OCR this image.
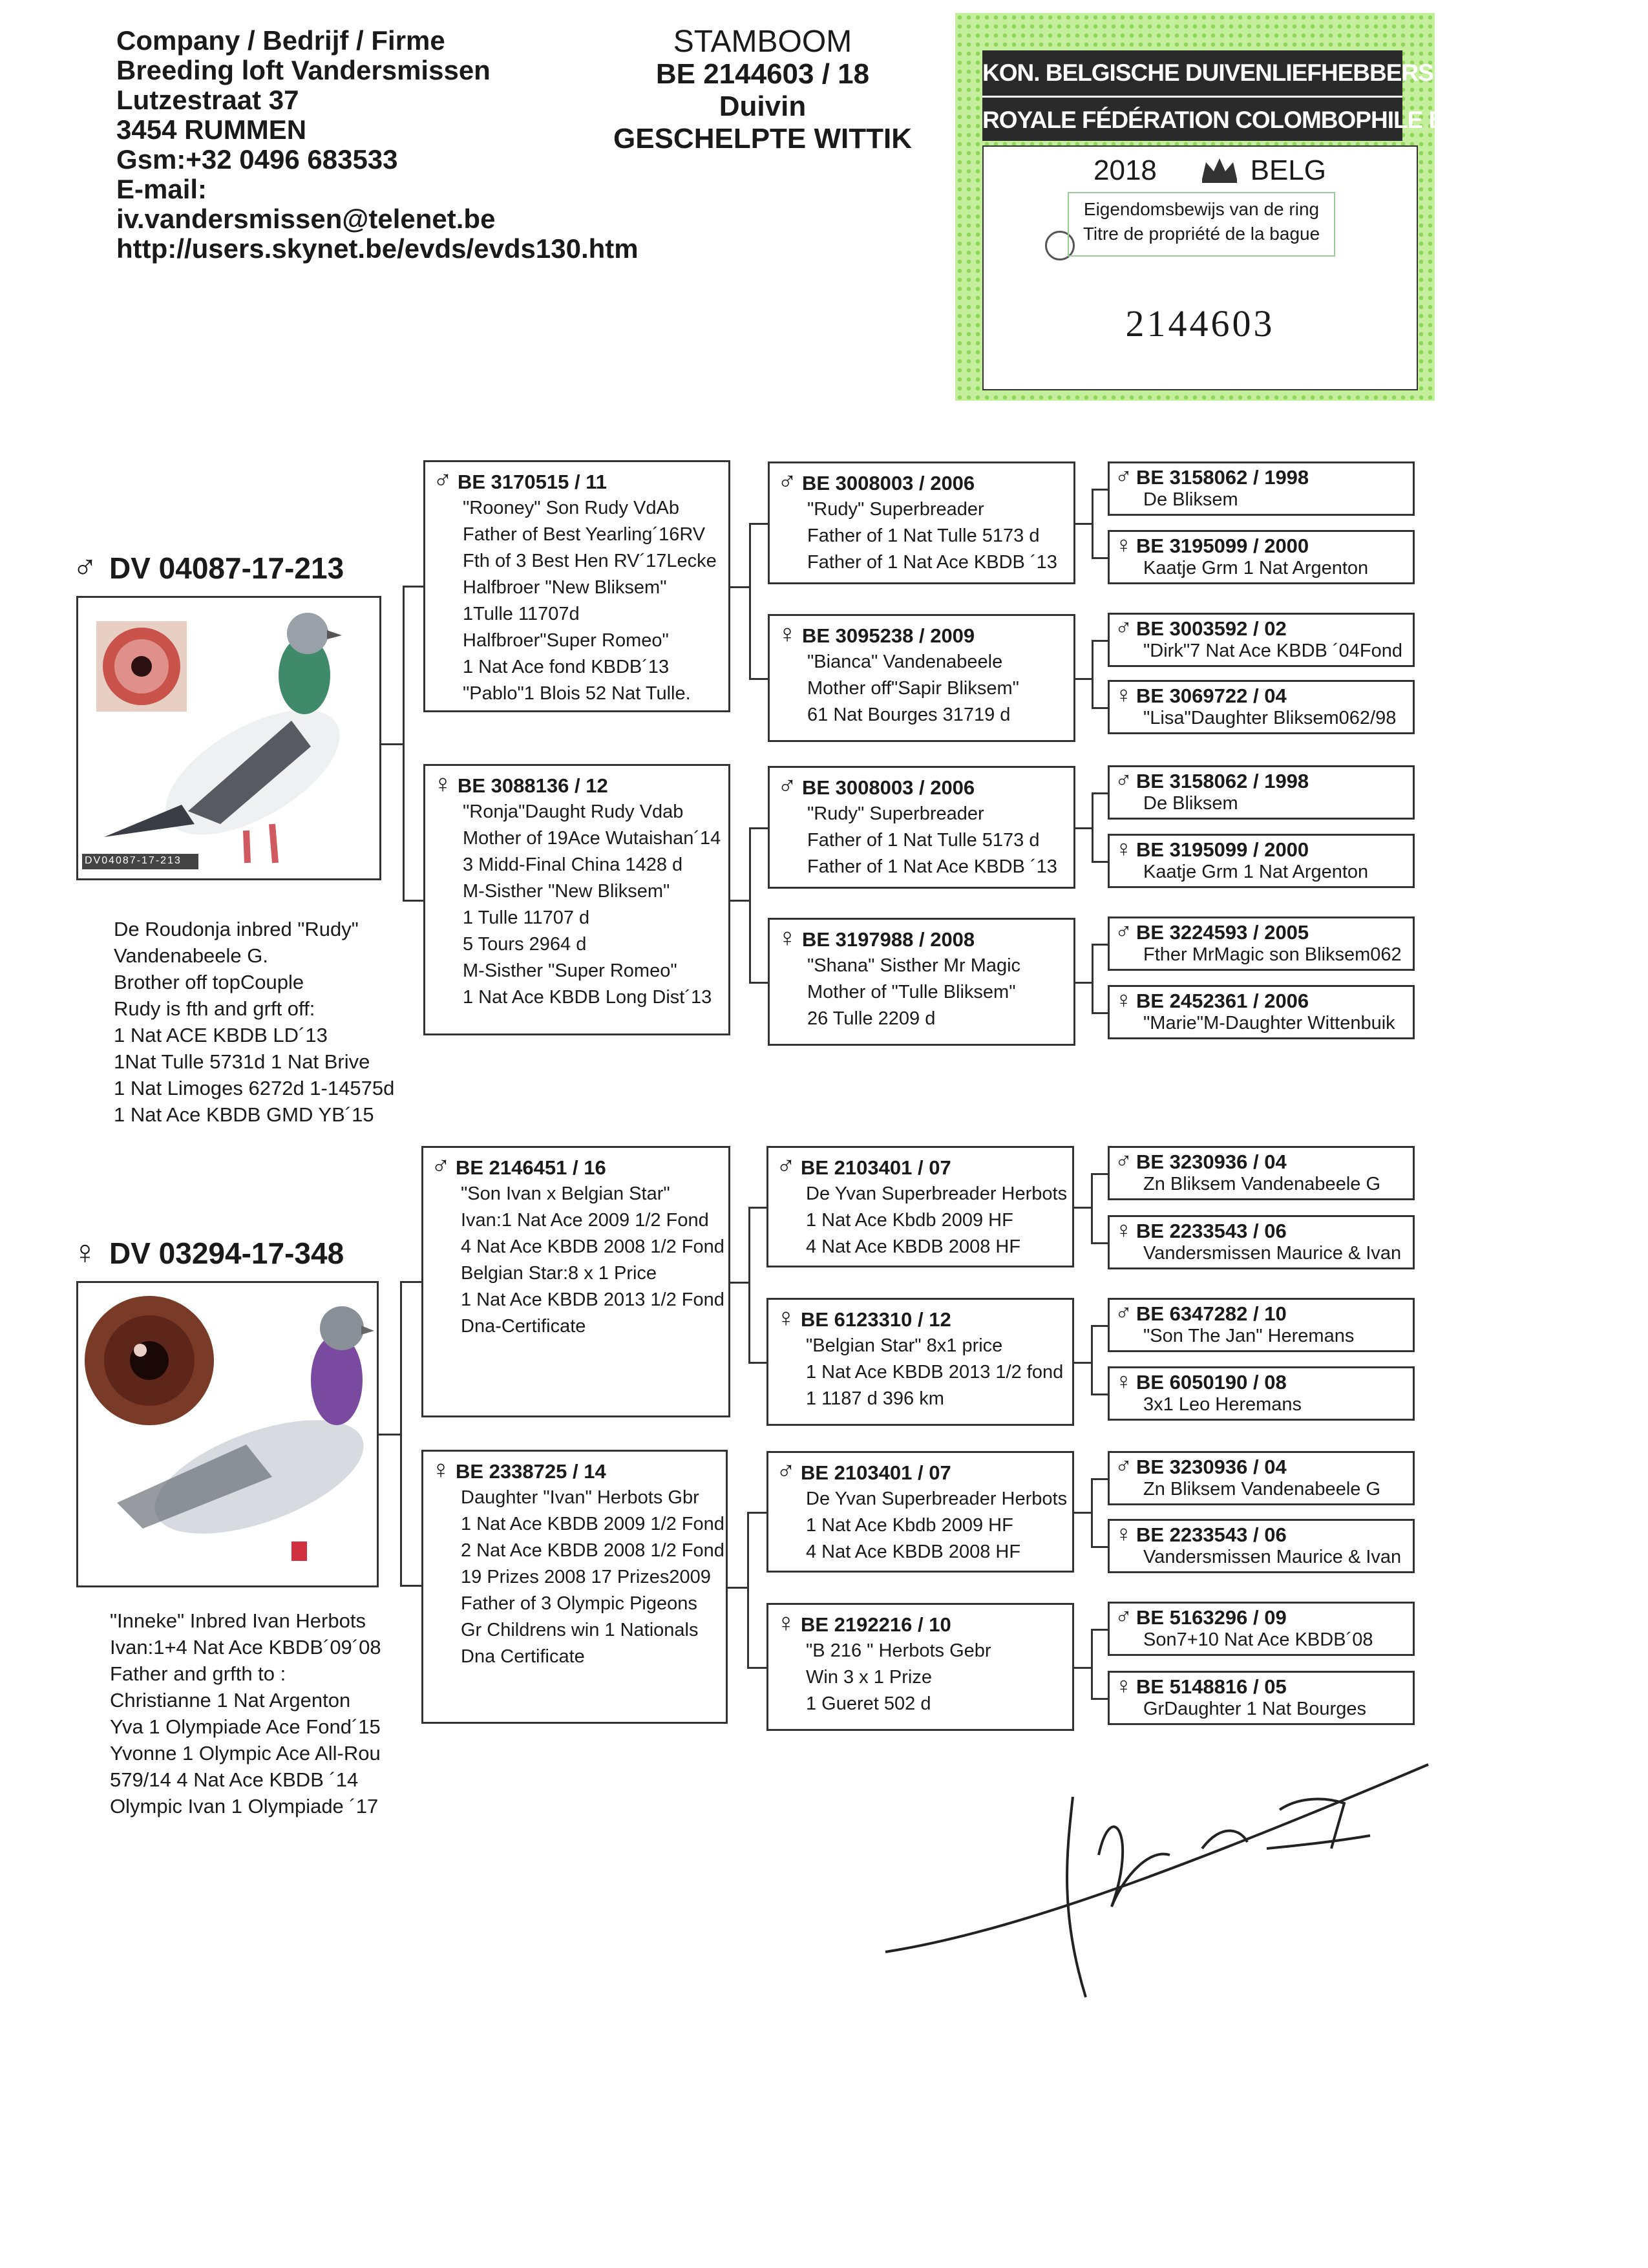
Company / Bedrijf / Firme
Breeding loft Vandersmissen
Lutzestraat 37
3454 RUMMEN
Gsm:+32 0496 683533
E-mail:
iv.vandersmissen@telenet.be
http://users.skynet.be/evds/evds130.htm
STAMBOOM
BE 2144603 / 18
Duivin
GESCHELPTE WITTIK
KON. BELGISCHE DUIVENLIEFHEBBERSBOND
ROYALE FÉDÉRATION COLOMBOPHILE BELGE
2018	BELG
Eigendomsbewijs van de ring
Titre de propriété de la bague
2144603
♂ DV 04087-17-213
DV04087-17-213
De Roudonja inbred "Rudy"
Vandenabeele G.
Brother off topCouple
Rudy is fth and grft off:
1 Nat ACE KBDB LD´13
1Nat Tulle 5731d 1 Nat Brive
1 Nat Limoges 6272d 1-14575d
1 Nat Ace KBDB GMD YB´15
♀ DV 03294-17-348
"Inneke" Inbred Ivan Herbots
Ivan:1+4 Nat Ace KBDB´09´08
Father and grfth to :
Christianne 1 Nat Argenton
Yva 1 Olympiade Ace Fond´15
Yvonne 1 Olympic Ace All-Rou
579/14 4 Nat Ace KBDB ´14
Olympic Ivan 1 Olympiade ´17
♂ BE 3170515 / 11
"Rooney" Son Rudy VdAb
Father of Best Yearling´16RV
Fth of 3 Best Hen RV´17Lecke
Halfbroer "New Bliksem"
1Tulle 11707d
Halfbroer"Super Romeo"
1 Nat Ace fond KBDB´13
"Pablo"1 Blois 52 Nat Tulle.
♀ BE 3088136 / 12
"Ronja"Daught Rudy Vdab
Mother of 19Ace Wutaishan´14
3 Midd-Final China 1428 d
M-Sisther "New Bliksem"
1 Tulle 11707 d
5 Tours 2964 d
M-Sisther "Super Romeo"
1 Nat Ace KBDB Long Dist´13
♂ BE 2146451 / 16
"Son Ivan x Belgian Star"
Ivan:1 Nat Ace 2009 1/2 Fond
4 Nat Ace KBDB 2008 1/2 Fond
Belgian Star:8 x 1 Price
1 Nat Ace KBDB 2013 1/2 Fond
Dna-Certificate
♀ BE 2338725 / 14
Daughter "Ivan" Herbots Gbr
1 Nat Ace KBDB 2009 1/2 Fond
2 Nat Ace KBDB 2008 1/2 Fond
19 Prizes 2008 17 Prizes2009
Father of 3 Olympic Pigeons
Gr Childrens win 1 Nationals
Dna Certificate
♂ BE 3008003 / 2006
"Rudy" Superbreader
Father of 1 Nat Tulle 5173 d
Father of 1 Nat Ace KBDB ´13
♀ BE 3095238 / 2009
"Bianca" Vandenabeele
Mother off"Sapir Bliksem"
61 Nat Bourges 31719 d
♂ BE 3008003 / 2006
"Rudy" Superbreader
Father of 1 Nat Tulle 5173 d
Father of 1 Nat Ace KBDB ´13
♀ BE 3197988 / 2008
"Shana" Sisther Mr Magic
Mother of "Tulle Bliksem"
26 Tulle 2209 d
♂ BE 2103401 / 07
De Yvan Superbreader Herbots
1 Nat Ace Kbdb 2009 HF
4 Nat Ace KBDB 2008 HF
♀ BE 6123310 / 12
"Belgian Star" 8x1 price
1 Nat Ace KBDB 2013 1/2 fond
1 1187 d 396 km
♂ BE 2103401 / 07
De Yvan Superbreader Herbots
1 Nat Ace Kbdb 2009 HF
4 Nat Ace KBDB 2008 HF
♀ BE 2192216 / 10
"B 216 " Herbots Gebr
Win 3 x 1 Prize
1 Gueret 502 d
♂ BE 3158062 / 1998
De Bliksem
♀ BE 3195099 / 2000
Kaatje Grm 1 Nat Argenton
♂ BE 3003592 / 02
"Dirk"7 Nat Ace KBDB ´04Fond
♀ BE 3069722 / 04
"Lisa"Daughter Bliksem062/98
♂ BE 3158062 / 1998
De Bliksem
♀ BE 3195099 / 2000
Kaatje Grm 1 Nat Argenton
♂ BE 3224593 / 2005
Fther MrMagic son Bliksem062
♀ BE 2452361 / 2006
"Marie"M-Daughter Wittenbuik
♂ BE 3230936 / 04
Zn Bliksem Vandenabeele G
♀ BE 2233543 / 06
Vandersmissen Maurice & Ivan
♂ BE 6347282 / 10
"Son The Jan" Heremans
♀ BE 6050190 / 08
3x1 Leo Heremans
♂ BE 3230936 / 04
Zn Bliksem Vandenabeele G
♀ BE 2233543 / 06
Vandersmissen Maurice & Ivan
♂ BE 5163296 / 09
Son7+10 Nat Ace KBDB´08
♀ BE 5148816 / 05
GrDaughter 1 Nat Bourges
